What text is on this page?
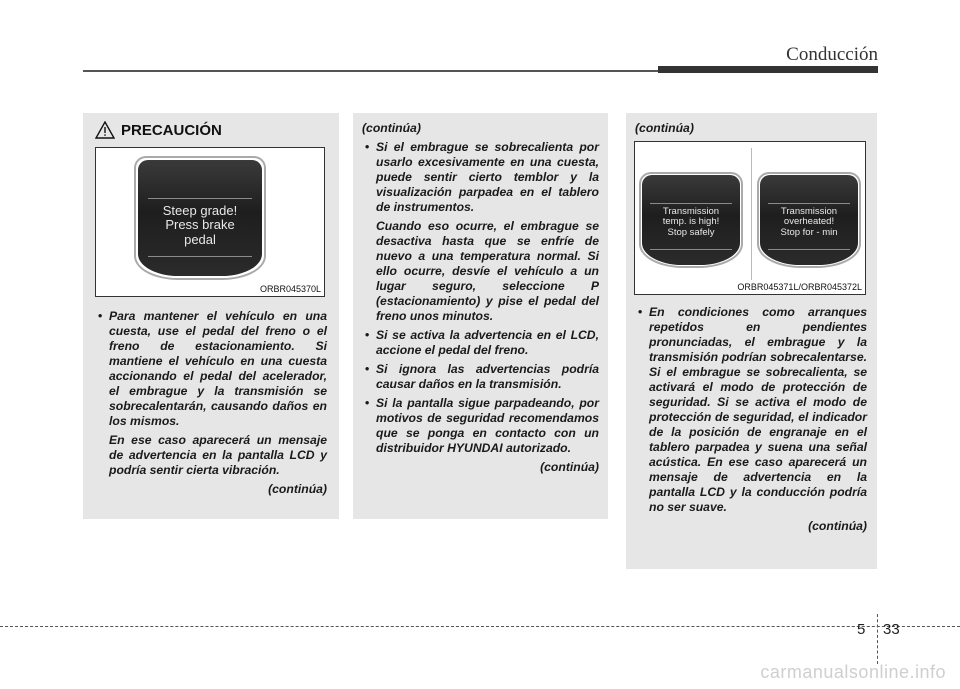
Conducción
PRECAUCIÓN
Steep grade!
Press brake
pedal
ORBR045370L

• Para mantener el vehículo en una cuesta, use el pedal del freno o el freno de estacionamiento. Si mantiene el vehículo en una cuesta accionando el pedal del acelerador, el embrague y la transmisión se sobrecalentarán, causando daños en los mismos.

En ese caso aparecerá un mensaje de advertencia en la pantalla LCD y podría sentir cierta vibración.

(continúa)

(continúa)

• Si el embrague se sobrecalienta por usarlo excesivamente en una cuesta, puede sentir cierto temblor y la visualización parpadea en el tablero de instrumentos.

Cuando eso ocurre, el embrague se desactiva hasta que se enfríe de nuevo a una temperatura normal. Si ello ocurre, desvíe el vehículo a un lugar seguro, seleccione P (estacionamiento) y pise el pedal del freno unos minutos.

• Si se activa la advertencia en el LCD, accione el pedal del freno.

• Si ignora las advertencias podría causar daños en la transmisión.

• Si la pantalla sigue parpadeando, por motivos de seguridad recomendamos que se ponga en contacto con un distribuidor HYUNDAI autorizado.

(continúa)

(continúa)

Transmission
temp. is high!
Stop safely
Transmission
overheated!
Stop for - min
ORBR045371L/ORBR045372L

• En condiciones como arranques repetidos en pendientes pronunciadas, el embrague y la transmisión podrían sobrecalentarse. Si el embrague se sobrecalienta, se activará el modo de protección de seguridad. Si se activa el modo de protección de seguridad, el indicador de la posición de engranaje en el tablero parpadea y suena una señal acústica. En ese caso aparecerá un mensaje de advertencia en la pantalla LCD y la conducción podría no ser suave.

(continúa)

5 33
carmanualsonline.info
